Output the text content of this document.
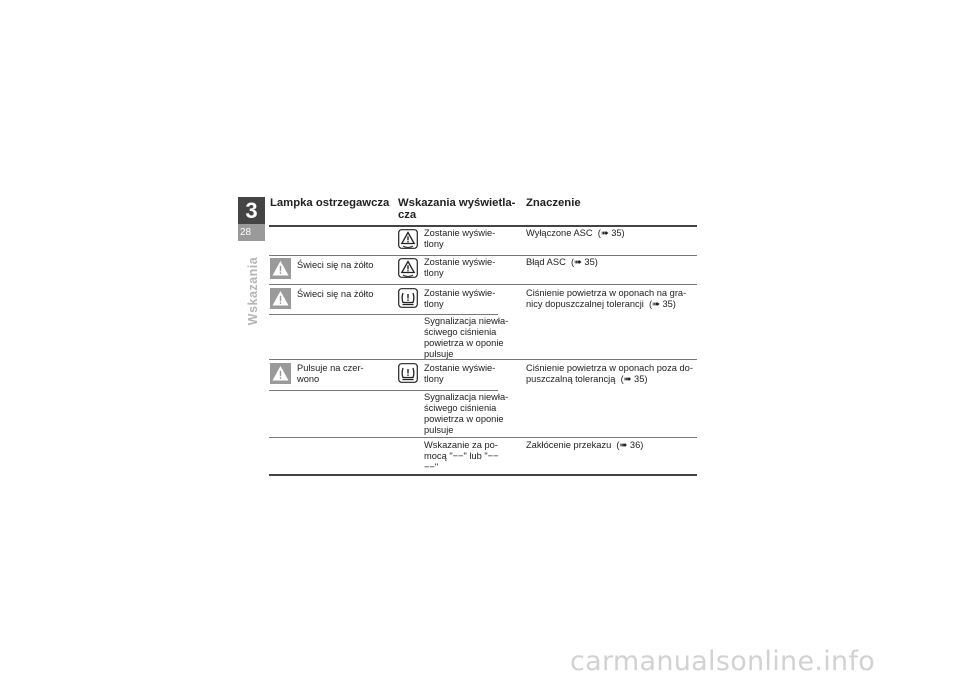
3
28
Wskazania
Lampka ostrzegawcza Wskazania wyświetla-
cza
Znaczenie
Zostanie wyświe-
tlony
Wyłączone ASC  (➠ 35)
Świeci się na żółto	Zostanie wyświe-
tlony
Błąd ASC  (➠ 35)
Świeci się na żółto	Zostanie wyświe-
tlony
Ciśnienie powietrza w oponach na gra-
nicy dopuszczalnej tolerancji  (➠ 35)
Sygnalizacja niewła-
ściwego ciśnienia
powietrza w oponie
pulsuje
Pulsuje na czer-
wono
Zostanie wyświe-
tlony
Ciśnienie powietrza w oponach poza do-
puszczalną tolerancją  (➠ 35)
Sygnalizacja niewła-
ściwego ciśnienia
powietrza w oponie
pulsuje
Wskazanie za po-
mocą "−−" lub "−−
−−"
Zakłócenie przekazu  (➠ 36)
carmanualsonline.info
